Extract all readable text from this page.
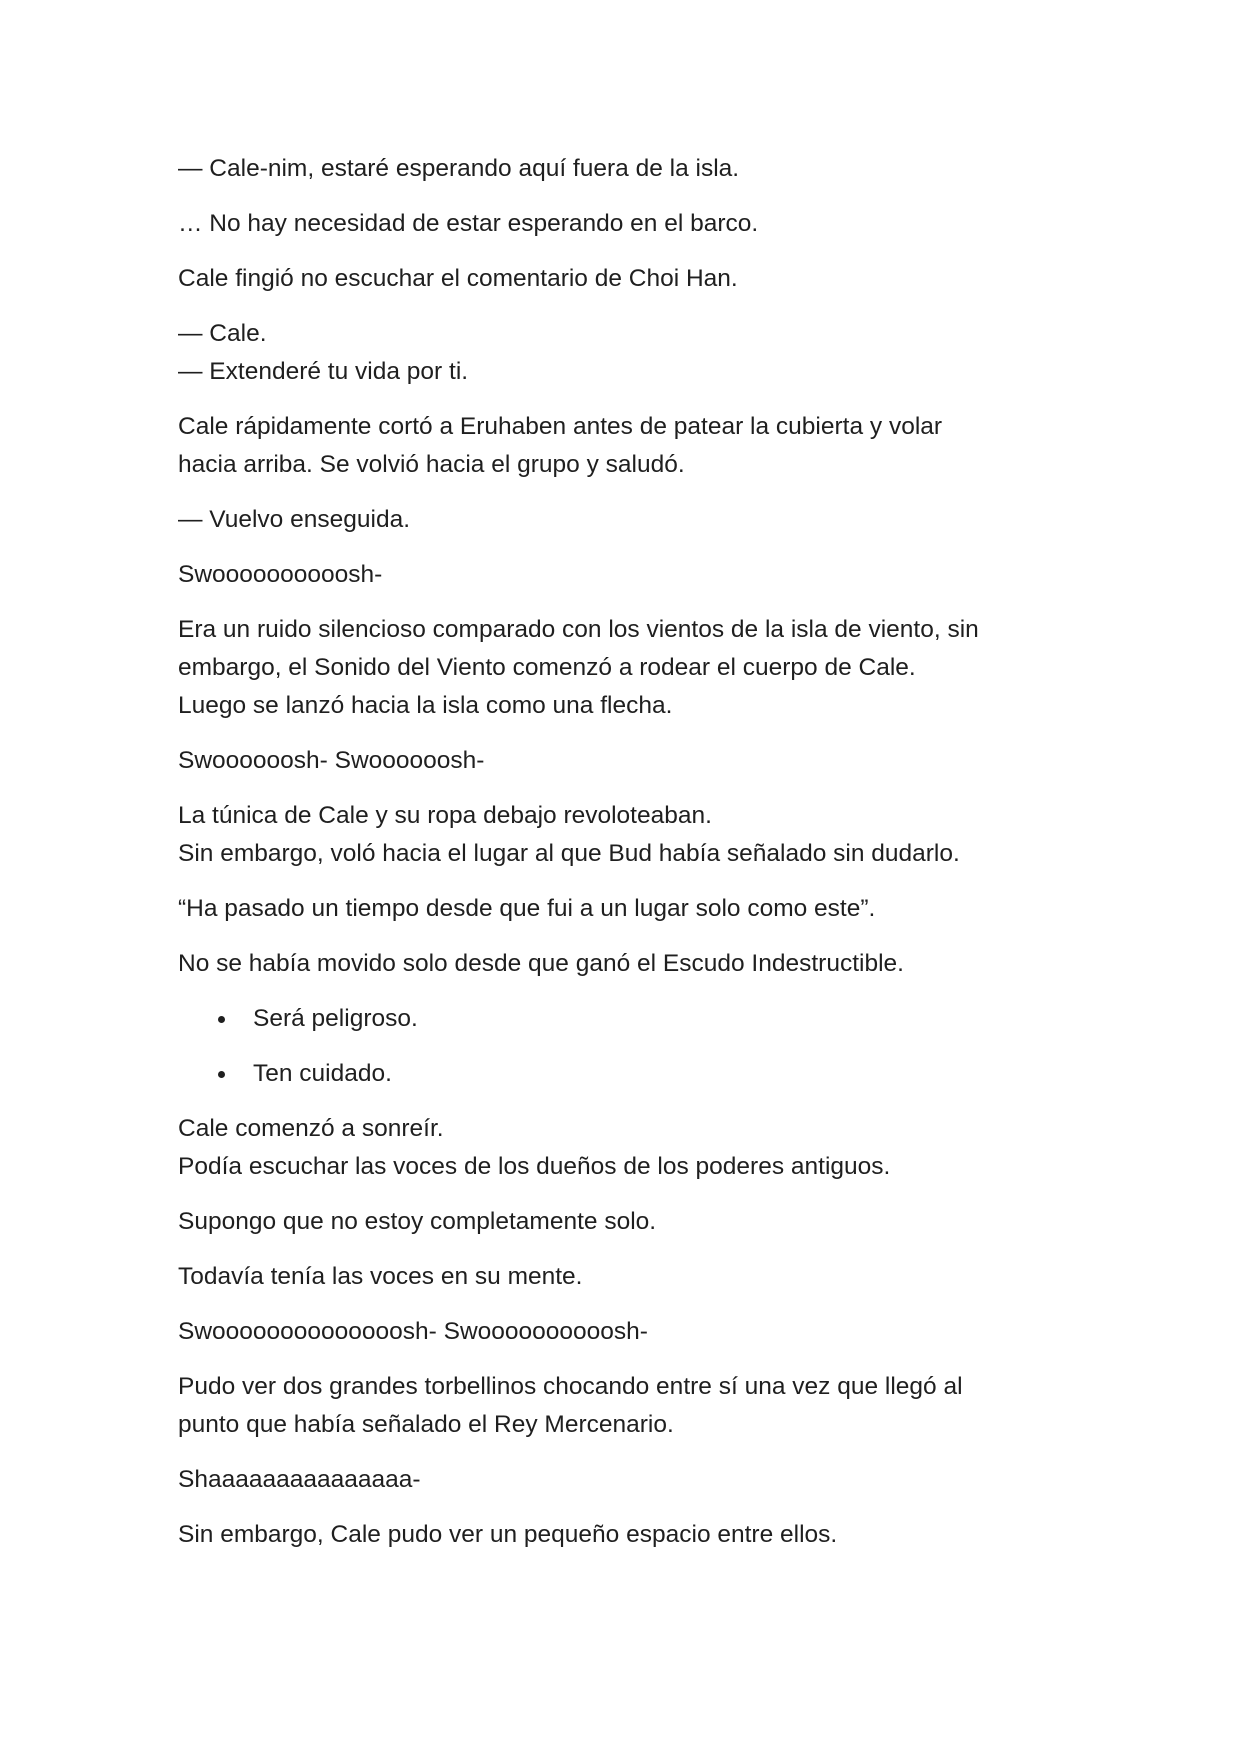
— Cale-nim, estaré esperando aquí fuera de la isla.

… No hay necesidad de estar esperando en el barco.

Cale fingió no escuchar el comentario de Choi Han.

— Cale.
— Extenderé tu vida por ti.

Cale rápidamente cortó a Eruhaben antes de patear la cubierta y volar
hacia arriba. Se volvió hacia el grupo y saludó.

— Vuelvo enseguida.

Swoooooooooosh-

Era un ruido silencioso comparado con los vientos de la isla de viento, sin
embargo, el Sonido del Viento comenzó a rodear el cuerpo de Cale.
Luego se lanzó hacia la isla como una flecha.

Swoooooosh- Swoooooosh-

La túnica de Cale y su ropa debajo revoloteaban.
Sin embargo, voló hacia el lugar al que Bud había señalado sin dudarlo.

“Ha pasado un tiempo desde que fui a un lugar solo como este”.

No se había movido solo desde que ganó el Escudo Indestructible.

Será peligroso.
Ten cuidado.

Cale comenzó a sonreír.
Podía escuchar las voces de los dueños de los poderes antiguos.

Supongo que no estoy completamente solo.

Todavía tenía las voces en su mente.

Swoooooooooooooosh- Swoooooooooosh-

Pudo ver dos grandes torbellinos chocando entre sí una vez que llegó al
punto que había señalado el Rey Mercenario.

Shaaaaaaaaaaaaaaa-

Sin embargo, Cale pudo ver un pequeño espacio entre ellos.
